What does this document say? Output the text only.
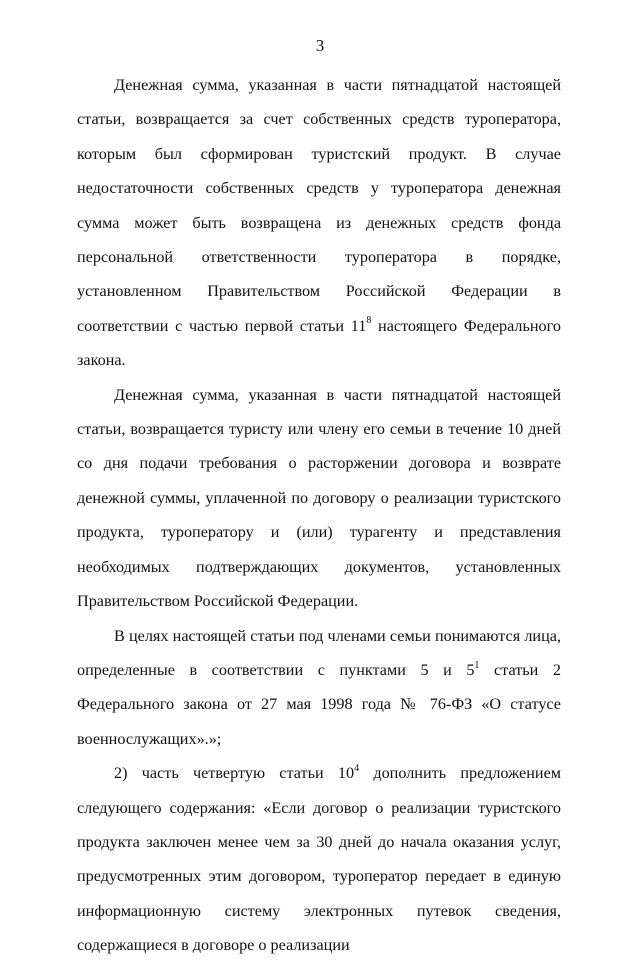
3

Денежная сумма, указанная в части пятнадцатой настоящей статьи, возвращается за счет собственных средств туроператора, которым был сформирован туристский продукт. В случае недостаточности собственных средств у туроператора денежная сумма может быть возвращена из денежных средств фонда персональной ответственности туроператора в порядке, установленном Правительством Российской Федерации в соответствии с частью первой статьи $11^8$ настоящего Федерального закона.

Денежная сумма, указанная в части пятнадцатой настоящей статьи, возвращается туристу или члену его семьи в течение 10 дней со дня подачи требования о расторжении договора и возврате денежной суммы, уплаченной по договору о реализации туристского продукта, туроператору и (или) турагенту и представления необходимых подтверждающих документов, установленных Правительством Российской Федерации.

В целях настоящей статьи под членами семьи понимаются лица, определенные в соответствии с пунктами 5 и $5^1$ статьи 2 Федерального закона от 27 мая 1998 года № 76-ФЗ «О статусе военнослужащих».»;

2) часть четвертую статьи $10^4$ дополнить предложением следующего содержания: «Если договор о реализации туристского продукта заключен менее чем за 30 дней до начала оказания услуг, предусмотренных этим договором, туроператор передает в единую информационную систему электронных путевок сведения, содержащиеся в договоре о реализации
